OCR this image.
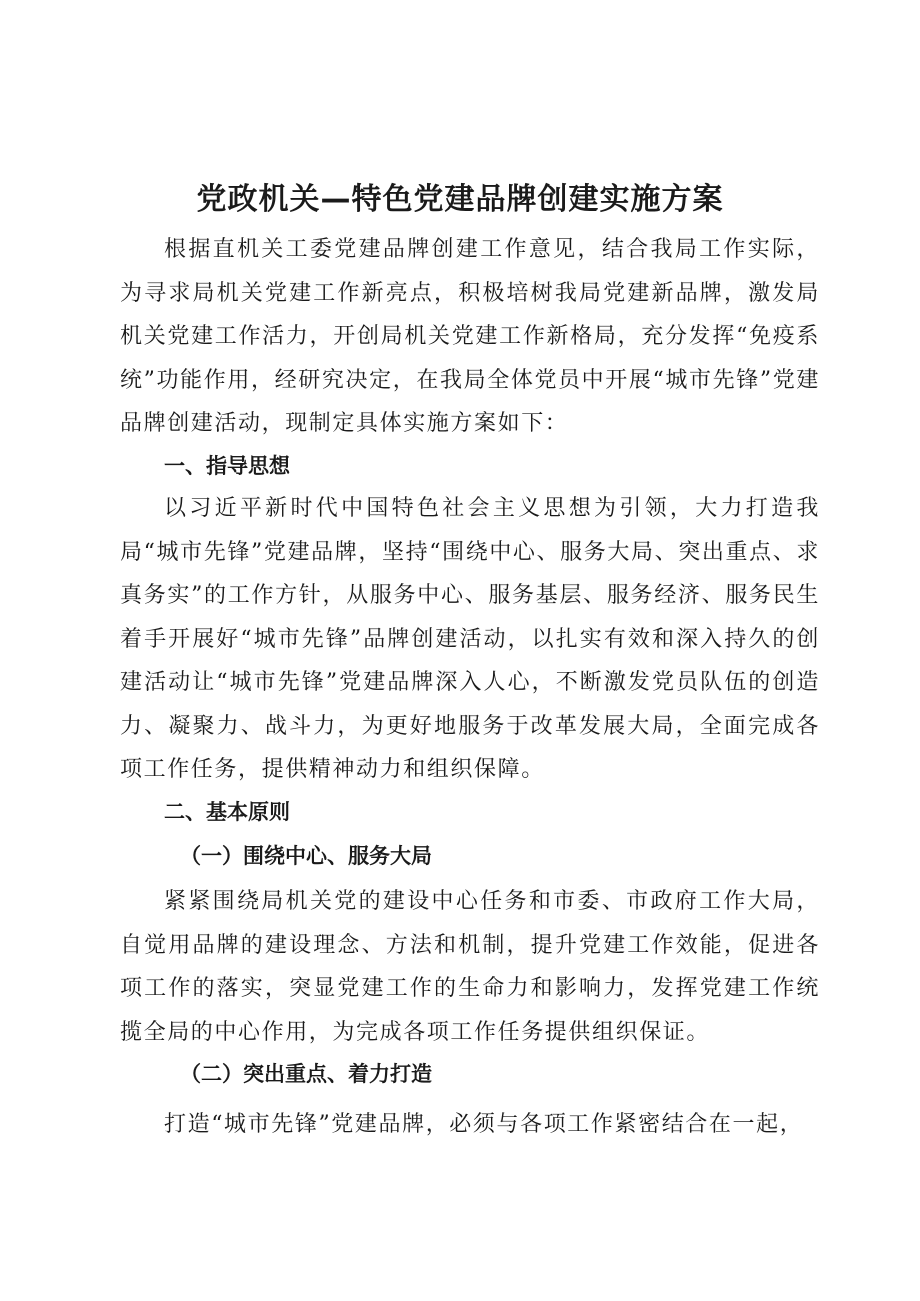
党政机关—特色党建品牌创建实施方案

根据直机关工委党建品牌创建工作意见，结合我局工作实际，为寻求局机关党建工作新亮点，积极培树我局党建新品牌，激发局机关党建工作活力，开创局机关党建工作新格局，充分发挥“免疫系统”功能作用，经研究决定，在我局全体党员中开展“城市先锋”党建品牌创建活动，现制定具体实施方案如下：

一、指导思想

以习近平新时代中国特色社会主义思想为引领，大力打造我局“城市先锋”党建品牌，坚持“围绕中心、服务大局、突出重点、求真务实”的工作方针，从服务中心、服务基层、服务经济、服务民生着手开展好“城市先锋”品牌创建活动，以扎实有效和深入持久的创建活动让“城市先锋”党建品牌深入人心，不断激发党员队伍的创造力、凝聚力、战斗力，为更好地服务于改革发展大局，全面完成各项工作任务，提供精神动力和组织保障。

二、基本原则
（一）围绕中心、服务大局

紧紧围绕局机关党的建设中心任务和市委、市政府工作大局，自觉用品牌的建设理念、方法和机制，提升党建工作效能，促进各项工作的落实，突显党建工作的生命力和影响力，发挥党建工作统揽全局的中心作用，为完成各项工作任务提供组织保证。

（二）突出重点、着力打造

打造“城市先锋”党建品牌，必须与各项工作紧密结合在一起，
